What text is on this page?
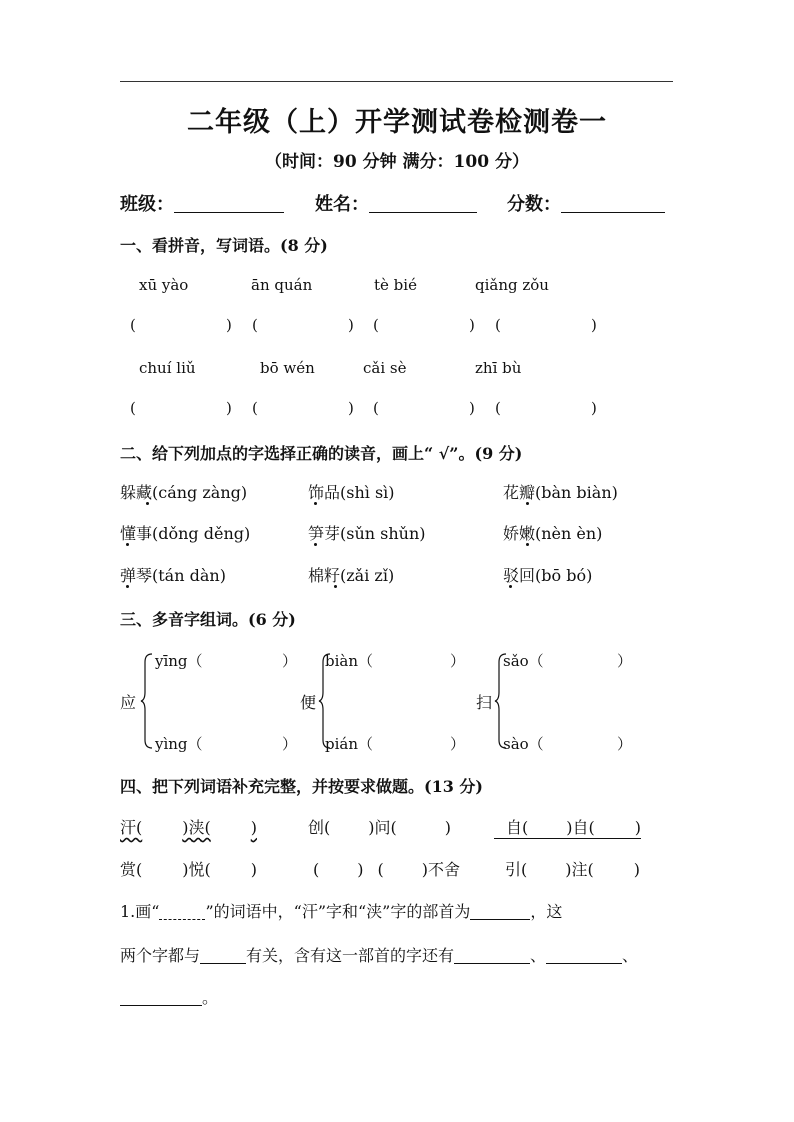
二年级（上）开学测试卷检测卷一
（时间：90 分钟 满分：100 分）
班级：	姓名：	分数：
一、看拼音，写词语。(8 分)
xū yào	ān quán	tè bié	qiǎng zǒu
(	) (	) (	) (	)
chuí liǔ	bō wén	cǎi sè	zhī bù
(	) (	) (	) (	)
二、给下列加点的字选择正确的读音，画上“ √”。(9 分)
躲藏(cáng zàng)	饰品(shì sì)	花瓣(bàn biàn)
懂事(dǒng děng)	笋芽(sǔn shǔn)	娇嫩(nèn èn)
弹琴(tán dàn)	棉籽(zǎi zǐ)	驳回(bō bó)
三、多音字组词。(6 分)
应
yīng（	）
yìng（	）
便
biàn（	）
pián（	）
扫
sǎo（	）
sào（	）
四、把下列词语补充完整，并按要求做题。(13 分)
汗(	)浃(	)	创( )问(	)	自( )自(	)
赏(	)悦(	)	( ) ( )不舍	引( )注(	)
1.画“	”的词语中，“汗”字和“浃”字的部首为	，这
两个字都与	有关，含有这一部首的字还有	、	、
。
